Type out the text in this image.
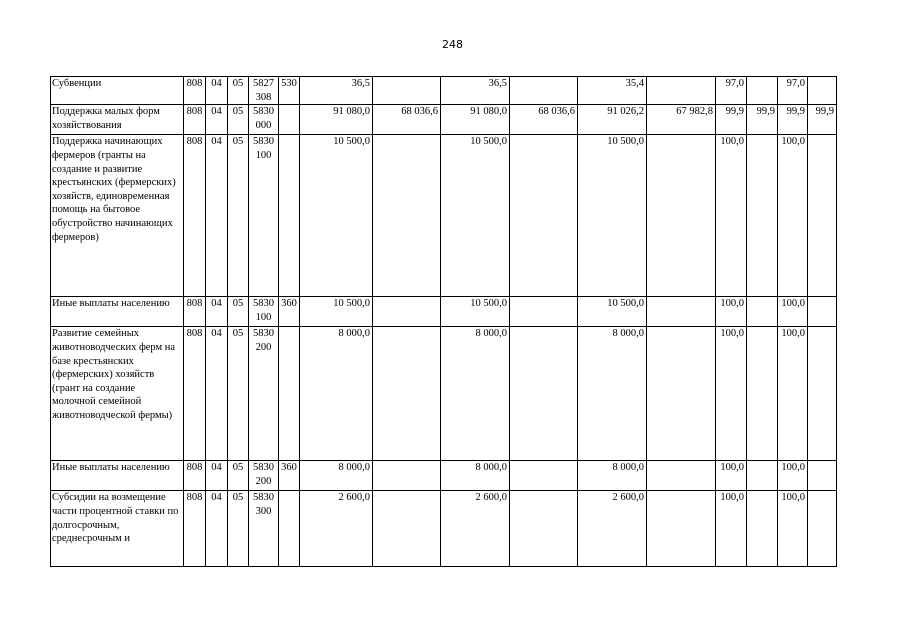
248
Субвенции	808	04	05	5827 308	530	36,5		36,5		35,4		97,0		97,0	
Поддержка малых форм хозяйствования	808	04	05	5830 000		91 080,0	68 036,6	91 080,0	68 036,6	91 026,2	67 982,8	99,9	99,9	99,9	99,9
Поддержка начинающих фермеров (гранты на создание и развитие крестьянских (фермерских) хозяйств, единовременная помощь на бытовое обустройство начинающих фермеров)	808	04	05	5830 100		10 500,0		10 500,0		10 500,0		100,0		100,0	
Иные выплаты населению	808	04	05	5830 100	360	10 500,0		10 500,0		10 500,0		100,0		100,0	
Развитие семейных животноводческих ферм на базе крестьянских (фермерских) хозяйств (грант на создание молочной семейной животноводческой фермы)	808	04	05	5830 200		8 000,0		8 000,0		8 000,0		100,0		100,0	
Иные выплаты населению	808	04	05	5830 200	360	8 000,0		8 000,0		8 000,0		100,0		100,0	
Субсидии на возмещение части процентной ставки по долгосрочным, среднесрочным и	808	04	05	5830 300		2 600,0		2 600,0		2 600,0		100,0		100,0	
